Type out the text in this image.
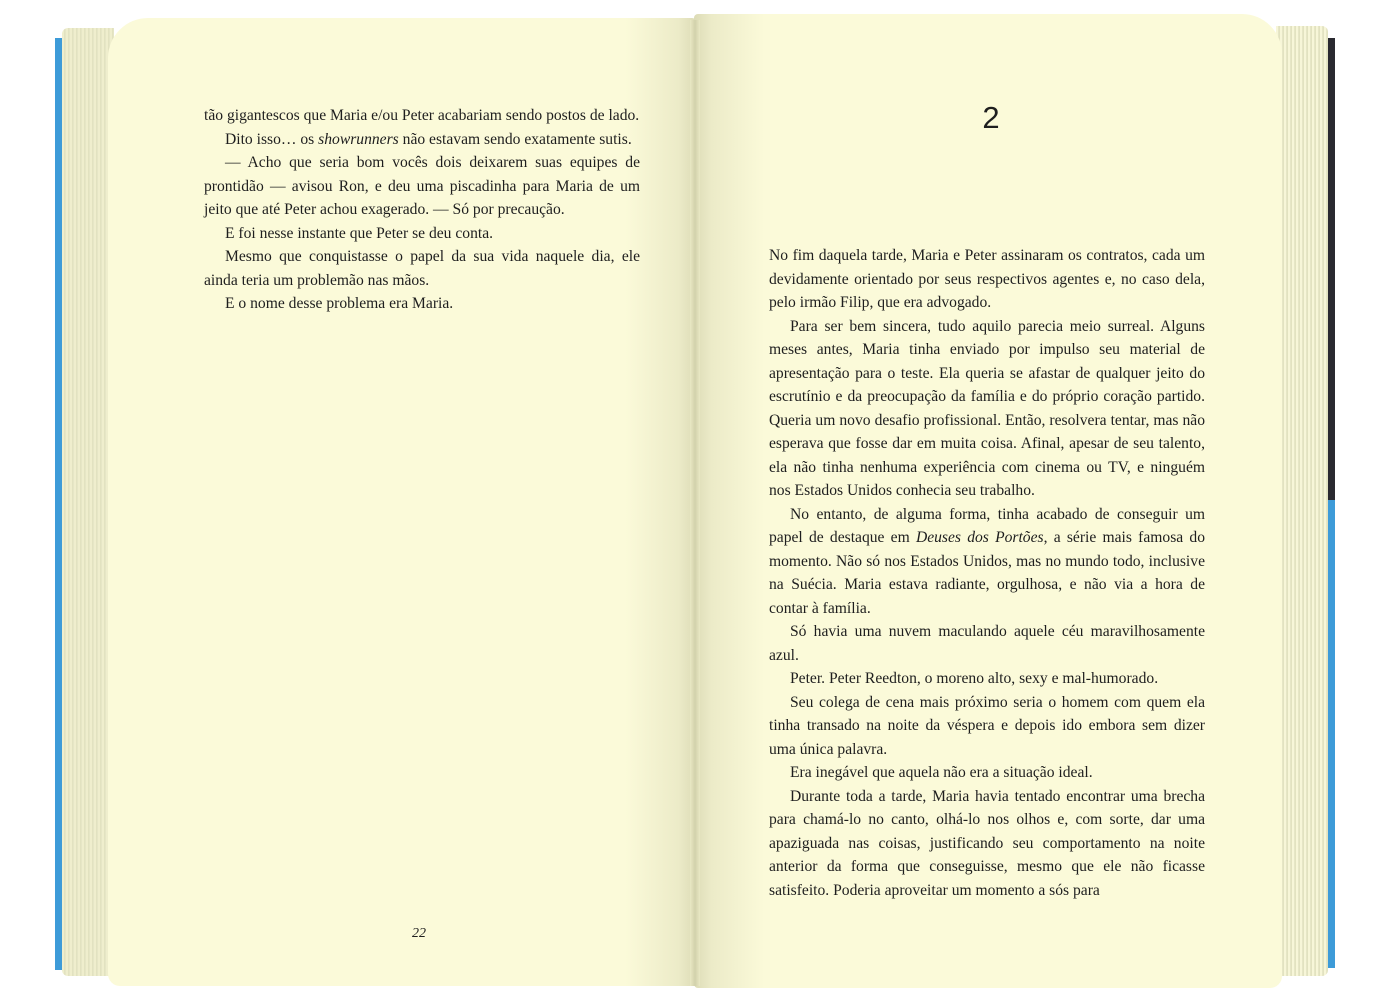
tão gigantescos que Maria e/ou Peter acabariam sendo postos de lado.

Dito isso… os showrunners não estavam sendo exatamente sutis.

— Acho que seria bom vocês dois deixarem suas equipes de prontidão — avisou Ron, e deu uma piscadinha para Maria de um jeito que até Peter achou exagerado. — Só por precaução.

E foi nesse instante que Peter se deu conta.

Mesmo que conquistasse o papel da sua vida naquele dia, ele ainda teria um problemão nas mãos.

E o nome desse problema era Maria.

22
2

No fim daquela tarde, Maria e Peter assinaram os contratos, cada um devidamente orientado por seus respectivos agentes e, no caso dela, pelo irmão Filip, que era advogado.

Para ser bem sincera, tudo aquilo parecia meio surreal. Alguns meses antes, Maria tinha enviado por impulso seu material de apresentação para o teste. Ela queria se afastar de qualquer jeito do escrutínio e da preocupação da família e do próprio coração partido. Queria um novo desafio profissional. Então, resolvera tentar, mas não esperava que fosse dar em muita coisa. Afinal, apesar de seu talento, ela não tinha nenhuma experiência com cinema ou TV, e ninguém nos Estados Unidos conhecia seu trabalho.

No entanto, de alguma forma, tinha acabado de conseguir um papel de destaque em Deuses dos Portões, a série mais famosa do momento. Não só nos Estados Unidos, mas no mundo todo, inclusive na Suécia. Maria estava radiante, orgulhosa, e não via a hora de contar à família.

Só havia uma nuvem maculando aquele céu maravilhosamente azul.

Peter. Peter Reedton, o moreno alto, sexy e mal-humorado.

Seu colega de cena mais próximo seria o homem com quem ela tinha transado na noite da véspera e depois ido embora sem dizer uma única palavra.

Era inegável que aquela não era a situação ideal.

Durante toda a tarde, Maria havia tentado encontrar uma brecha para chamá-lo no canto, olhá-lo nos olhos e, com sorte, dar uma apaziguada nas coisas, justificando seu comportamento na noite anterior da forma que conseguisse, mesmo que ele não ficasse satisfeito. Poderia aproveitar um momento a sós para
